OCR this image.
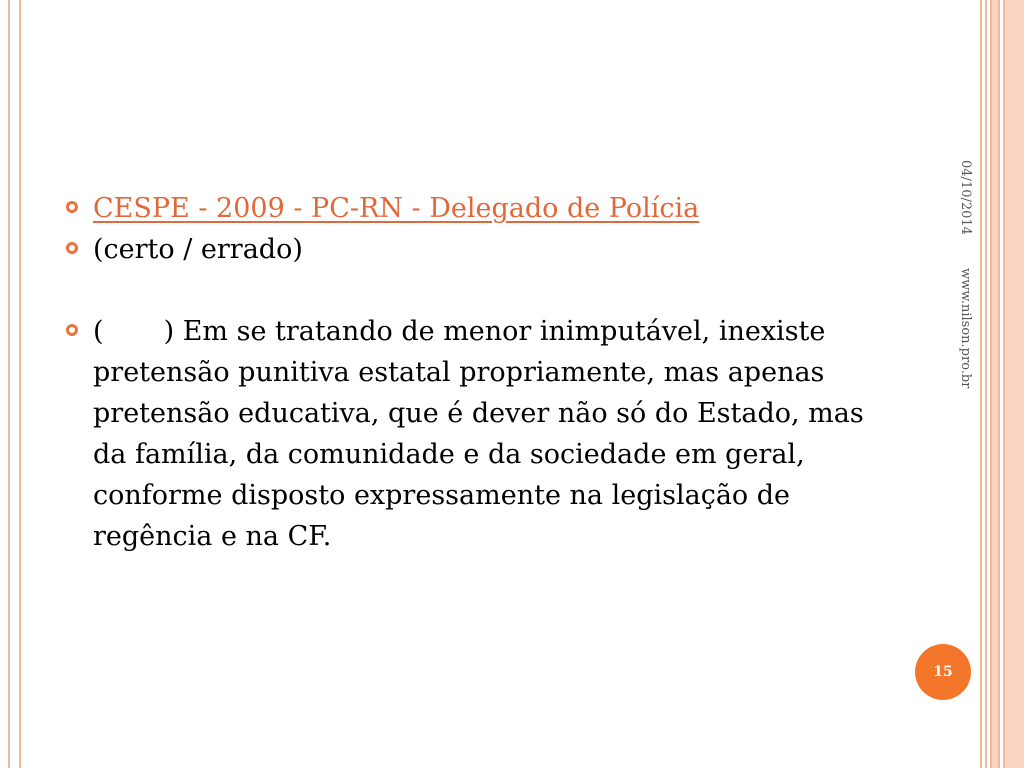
CESPE - 2009 - PC-RN - Delegado de Polícia
(certo / errado)
(       ) Em se tratando de menor inimputável, inexiste pretensão punitiva estatal propriamente, mas apenas pretensão educativa, que é dever não só do Estado, mas da família, da comunidade e da sociedade em geral, conforme disposto expressamente na legislação de regência e na CF.
04/10/2014
www.nilson.pro.br
15
